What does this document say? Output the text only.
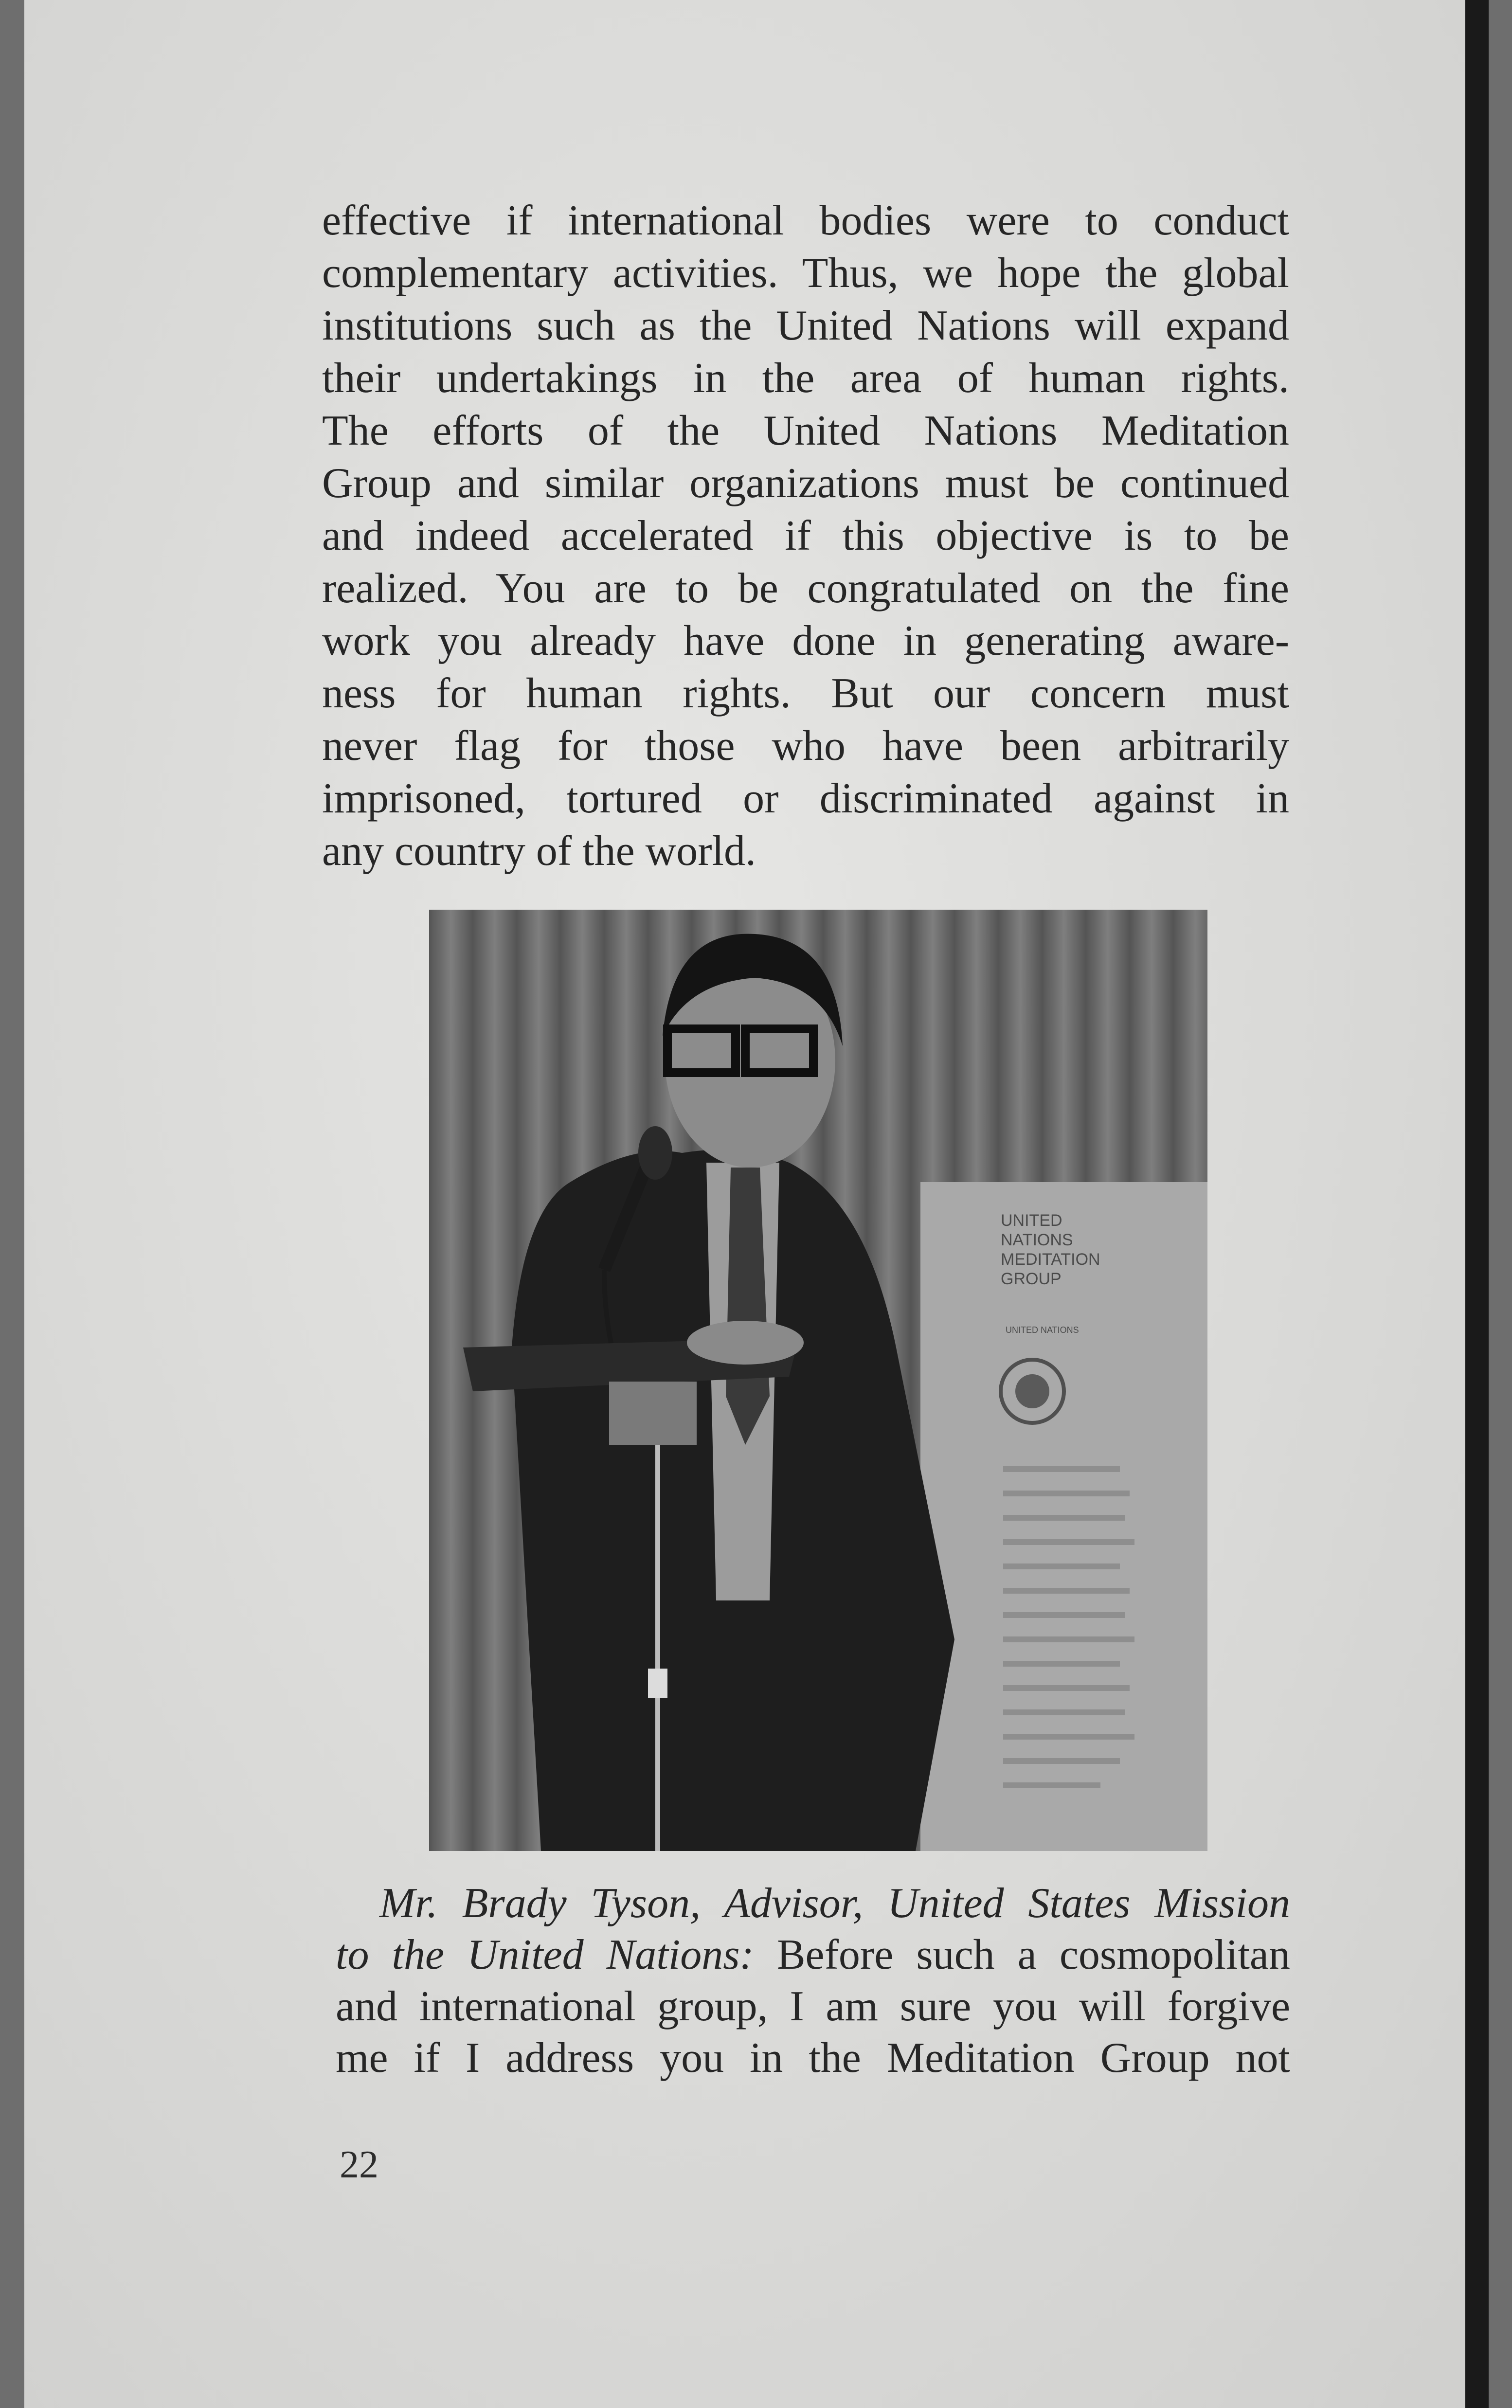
effective if international bodies were to conduct
complementary activities. Thus, we hope the global
institutions such as the United Nations will expand
their undertakings in the area of human rights.
The efforts of the United Nations Meditation
Group and similar organizations must be continued
and indeed accelerated if this objective is to be
realized. You are to be congratulated on the fine
work you already have done in generating aware-
ness for human rights. But our concern must
never flag for those who have been arbitrarily
imprisoned, tortured or discriminated against in
any country of the world.
UNITED
NATIONS
MEDITATION
GROUP
UNITED NATIONS
Mr. Brady Tyson, Advisor, United States Mission
to the United Nations: Before such a cosmopolitan
and international group, I am sure you will forgive
me if I address you in the Meditation Group not
22
